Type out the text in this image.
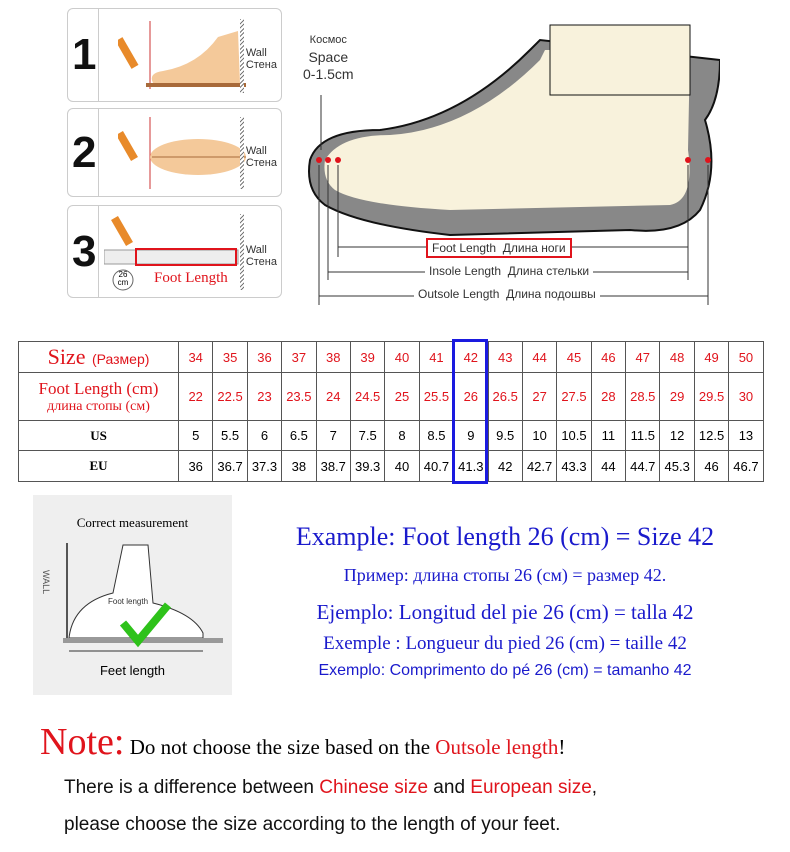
1	Wall
Стена
2	Wall
Стена
3	26 cm Foot Length
Wall
Стена
Космос
Space
0-1.5cm
Foot Length Длина ноги
Insole Length Длина стельки
Outsole Length Длина подошвы
Size (Размер)	34	35	36	37	38	39	40	41	42	43	44	45	46	47	48	49	50

Foot Length (cm)
длина стопы (см)	22	22.5	23	23.5	24	24.5	25	25.5	26	26.5	27	27.5	28	28.5	29	29.5	30
US	5	5.5	6	6.5	7	7.5	8	8.5	9	9.5	10	10.5	11	11.5	12	12.5	13
EU	36	36.7	37.3	38	38.7	39.3	40	40.7	41.3	42	42.7	43.3	44	44.7	45.3	46	46.7
Correct measurement
WALL
Foot length
Feet length
Example: Foot length 26 (cm) = Size 42
Пример: длина стопы 26 (см) = размер 42.
Ejemplo: Longitud del pie 26 (cm) = talla 42
Exemple : Longueur du pied 26 (cm) = taille 42
Exemplo: Comprimento do pé 26 (cm) = tamanho 42
Note: Do not choose the size based on the Outsole length!
There is a difference between Chinese size and European size,
please choose the size according to the length of your feet.
